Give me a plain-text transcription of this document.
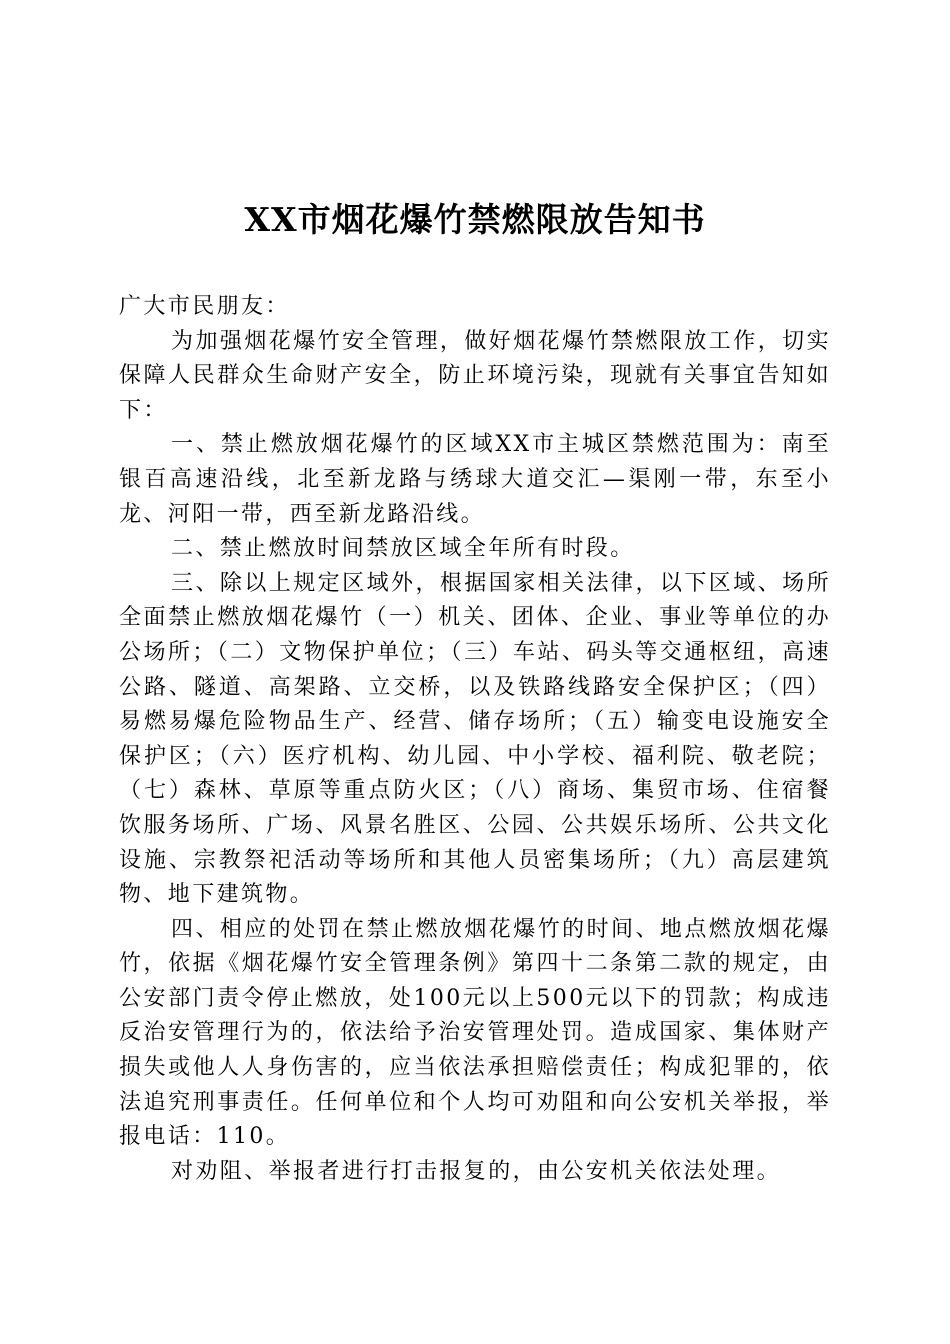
XX市烟花爆竹禁燃限放告知书

广大市民朋友：

为加强烟花爆竹安全管理，做好烟花爆竹禁燃限放工作，切实保障人民群众生命财产安全，防止环境污染，现就有关事宜告知如下：

一、禁止燃放烟花爆竹的区域XX市主城区禁燃范围为：南至银百高速沿线，北至新龙路与绣球大道交汇—渠刚一带，东至小龙、河阳一带，西至新龙路沿线。

二、禁止燃放时间禁放区域全年所有时段。

三、除以上规定区域外，根据国家相关法律，以下区域、场所全面禁止燃放烟花爆竹（一）机关、团体、企业、事业等单位的办公场所；（二）文物保护单位；（三）车站、码头等交通枢纽，高速公路、隧道、高架路、立交桥，以及铁路线路安全保护区；（四）易燃易爆危险物品生产、经营、储存场所；（五）输变电设施安全保护区；（六）医疗机构、幼儿园、中小学校、福利院、敬老院；（七）森林、草原等重点防火区；（八）商场、集贸市场、住宿餐饮服务场所、广场、风景名胜区、公园、公共娱乐场所、公共文化设施、宗教祭祀活动等场所和其他人员密集场所；（九）高层建筑物、地下建筑物。

四、相应的处罚在禁止燃放烟花爆竹的时间、地点燃放烟花爆竹，依据《烟花爆竹安全管理条例》第四十二条第二款的规定，由公安部门责令停止燃放，处100元以上500元以下的罚款；构成违反治安管理行为的，依法给予治安管理处罚。造成国家、集体财产损失或他人人身伤害的，应当依法承担赔偿责任；构成犯罪的，依法追究刑事责任。任何单位和个人均可劝阻和向公安机关举报，举报电话：110。

对劝阻、举报者进行打击报复的，由公安机关依法处理。
